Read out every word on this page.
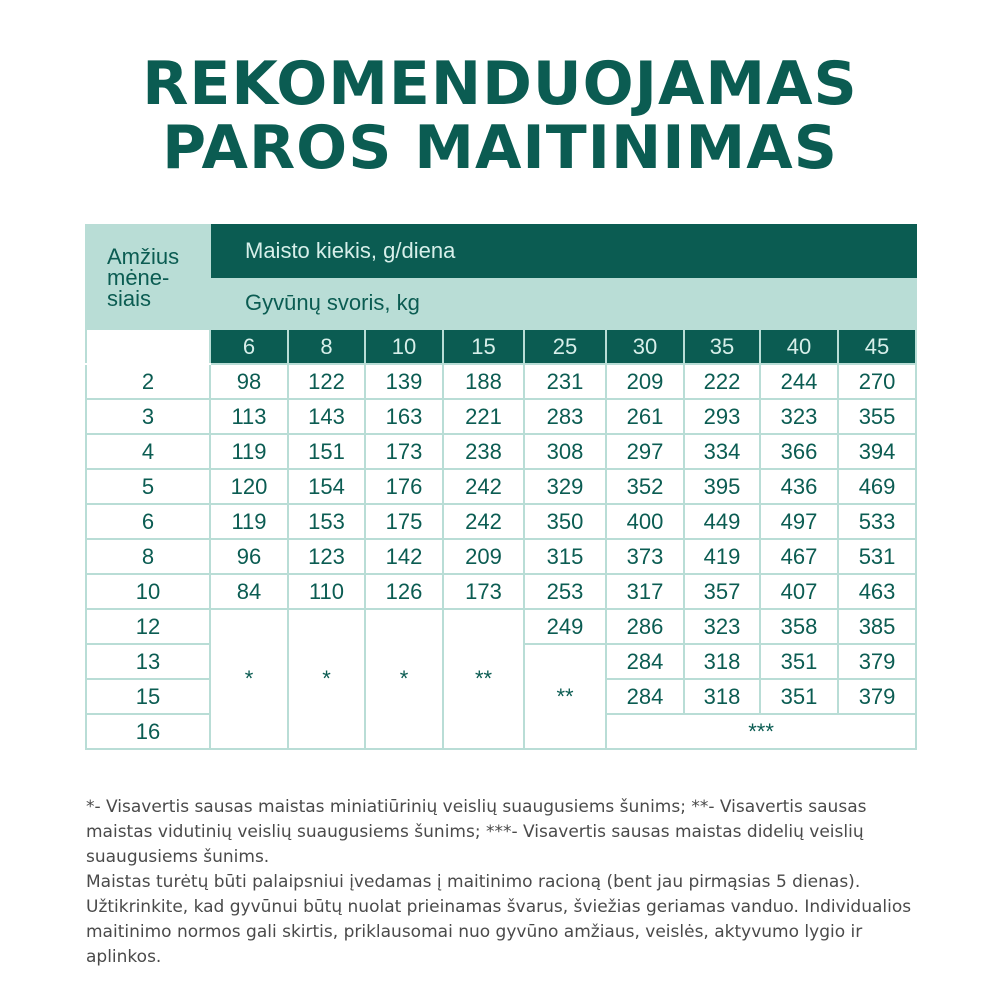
REKOMENDUOJAMAS
PAROS MAITINIMAS
Amžius
mėne-
siais	Maisto kiekis, g/diena								
	Gyvūnų svoris, kg								
	6	8	10	15	25	30	35	40	45
2	98	122	139	188	231	209	222	244	270
3	113	143	163	221	283	261	293	323	355
4	119	151	173	238	308	297	334	366	394
5	120	154	176	242	329	352	395	436	469
6	119	153	175	242	350	400	449	497	533
8	96	123	142	209	315	373	419	467	531
10	84	110	126	173	253	317	357	407	463
12	*	*	*	**	249	286	323	358	385
13					**	284	318	351	379
15						284	318	351	379
16						***			

*- Visavertis sausas maistas miniatiūrinių veislių suaugusiems šunims; **- Visavertis sausas maistas vidutinių veislių suaugusiems šunims; ***- Visavertis sausas maistas didelių veislių suaugusiems šunims.

Maistas turėtų būti palaipsniui įvedamas į maitinimo racioną (bent jau pirmąsias 5 dienas). Užtikrinkite, kad gyvūnui būtų nuolat prieinamas švarus, šviežias geriamas vanduo. Individualios maitinimo normos gali skirtis, priklausomai nuo gyvūno amžiaus, veislės, aktyvumo lygio ir aplinkos.
